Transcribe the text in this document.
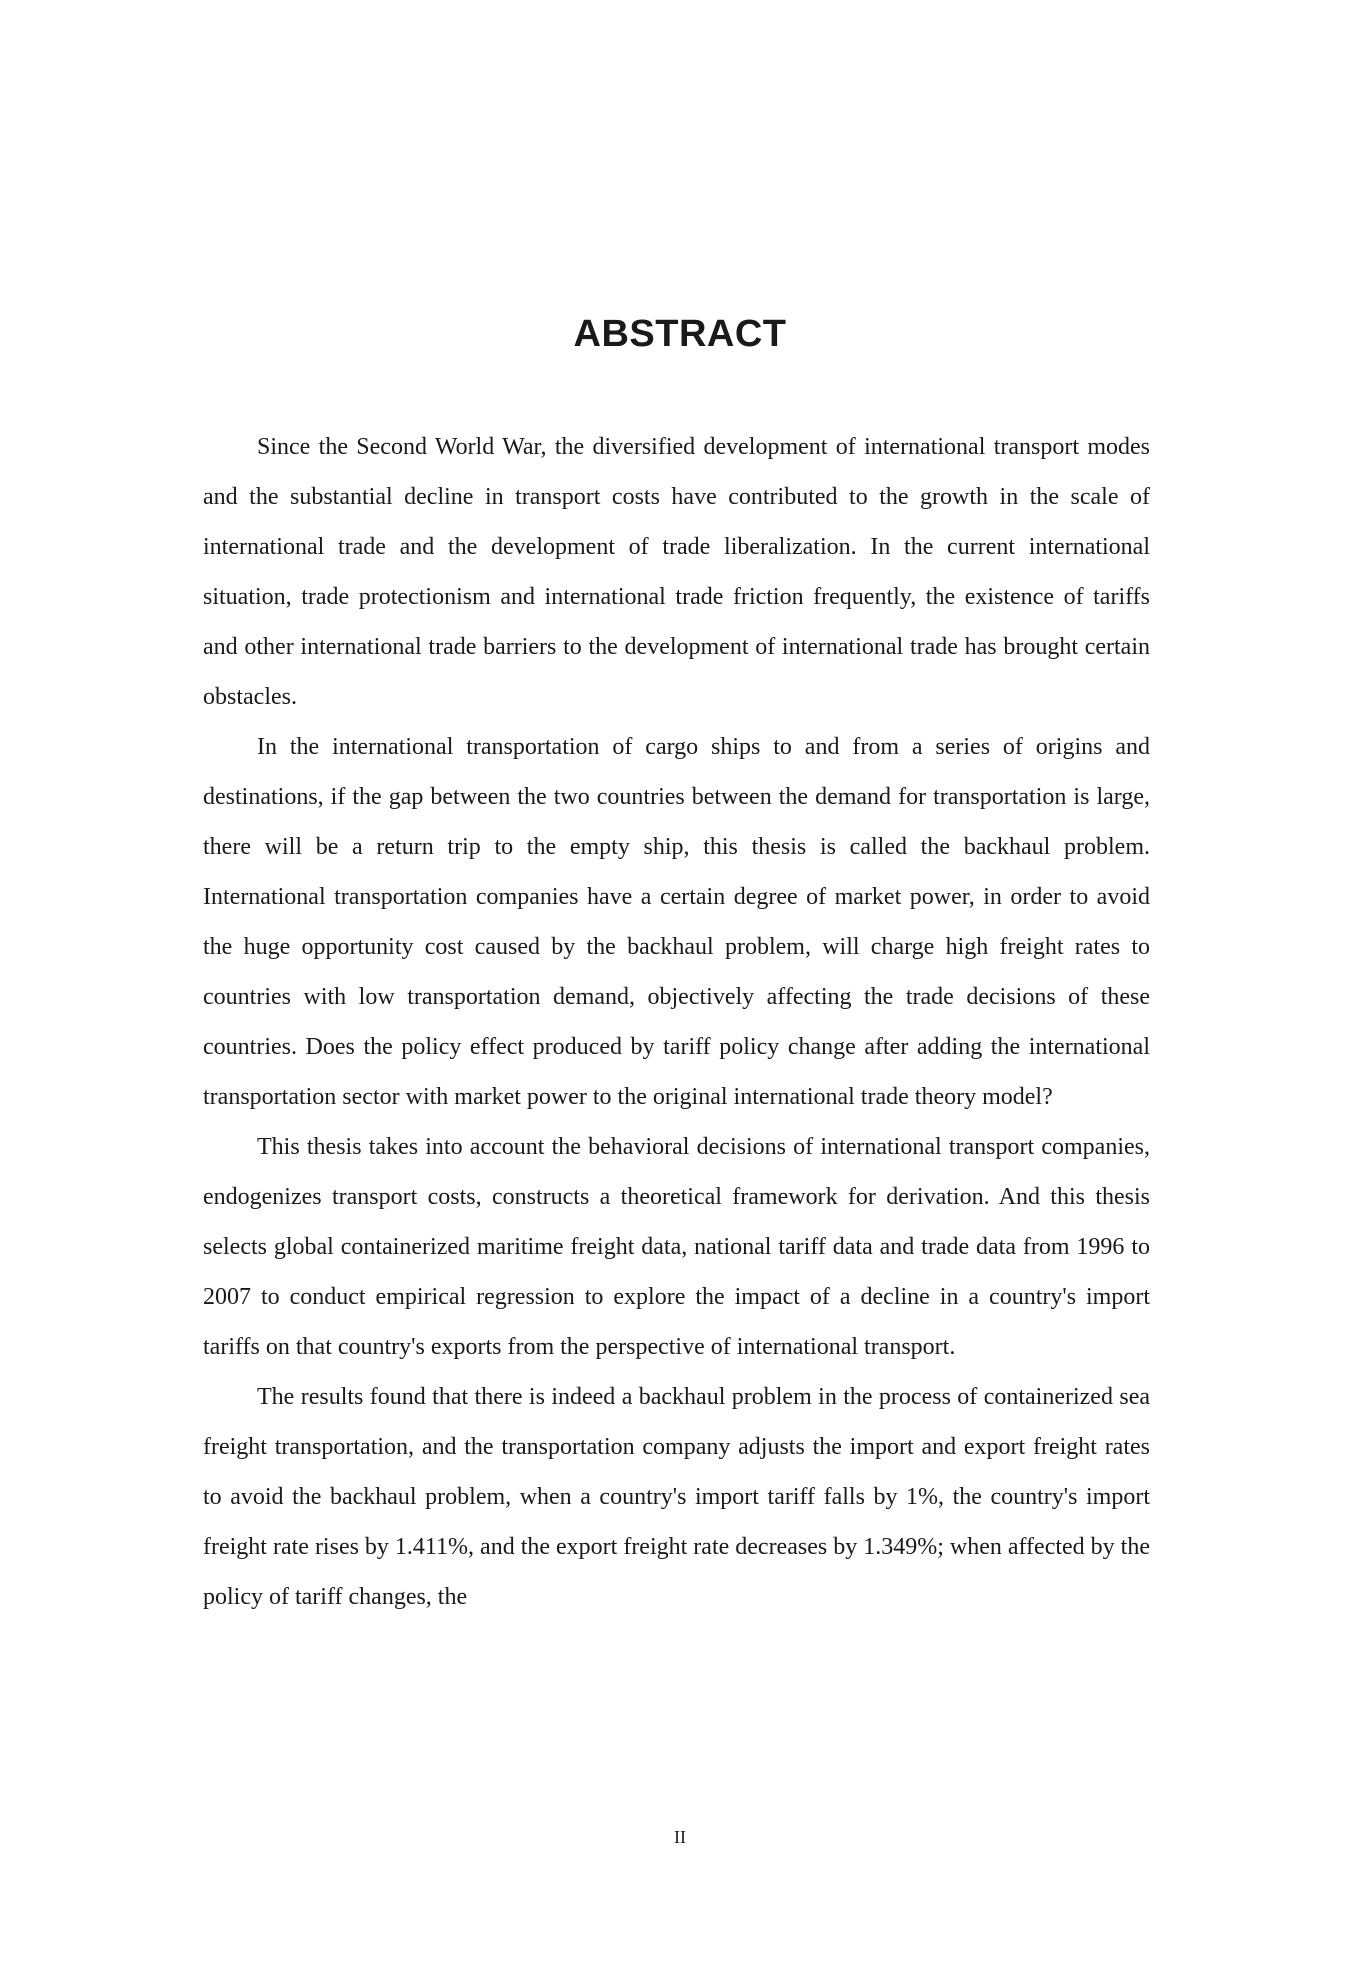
ABSTRACT

Since the Second World War, the diversified development of international transport modes and the substantial decline in transport costs have contributed to the growth in the scale of international trade and the development of trade liberalization. In the current international situation, trade protectionism and international trade friction frequently, the existence of tariffs and other international trade barriers to the development of international trade has brought certain obstacles.

In the international transportation of cargo ships to and from a series of origins and destinations, if the gap between the two countries between the demand for transportation is large, there will be a return trip to the empty ship, this thesis is called the backhaul problem. International transportation companies have a certain degree of market power, in order to avoid the huge opportunity cost caused by the backhaul problem, will charge high freight rates to countries with low transportation demand, objectively affecting the trade decisions of these countries. Does the policy effect produced by tariff policy change after adding the international transportation sector with market power to the original international trade theory model?

This thesis takes into account the behavioral decisions of international transport companies, endogenizes transport costs, constructs a theoretical framework for derivation. And this thesis selects global containerized maritime freight data, national tariff data and trade data from 1996 to 2007 to conduct empirical regression to explore the impact of a decline in a country's import tariffs on that country's exports from the perspective of international transport.

The results found that there is indeed a backhaul problem in the process of containerized sea freight transportation, and the transportation company adjusts the import and export freight rates to avoid the backhaul problem, when a country's import tariff falls by 1%, the country's import freight rate rises by 1.411%, and the export freight rate decreases by 1.349%; when affected by the policy of tariff changes, the

II
